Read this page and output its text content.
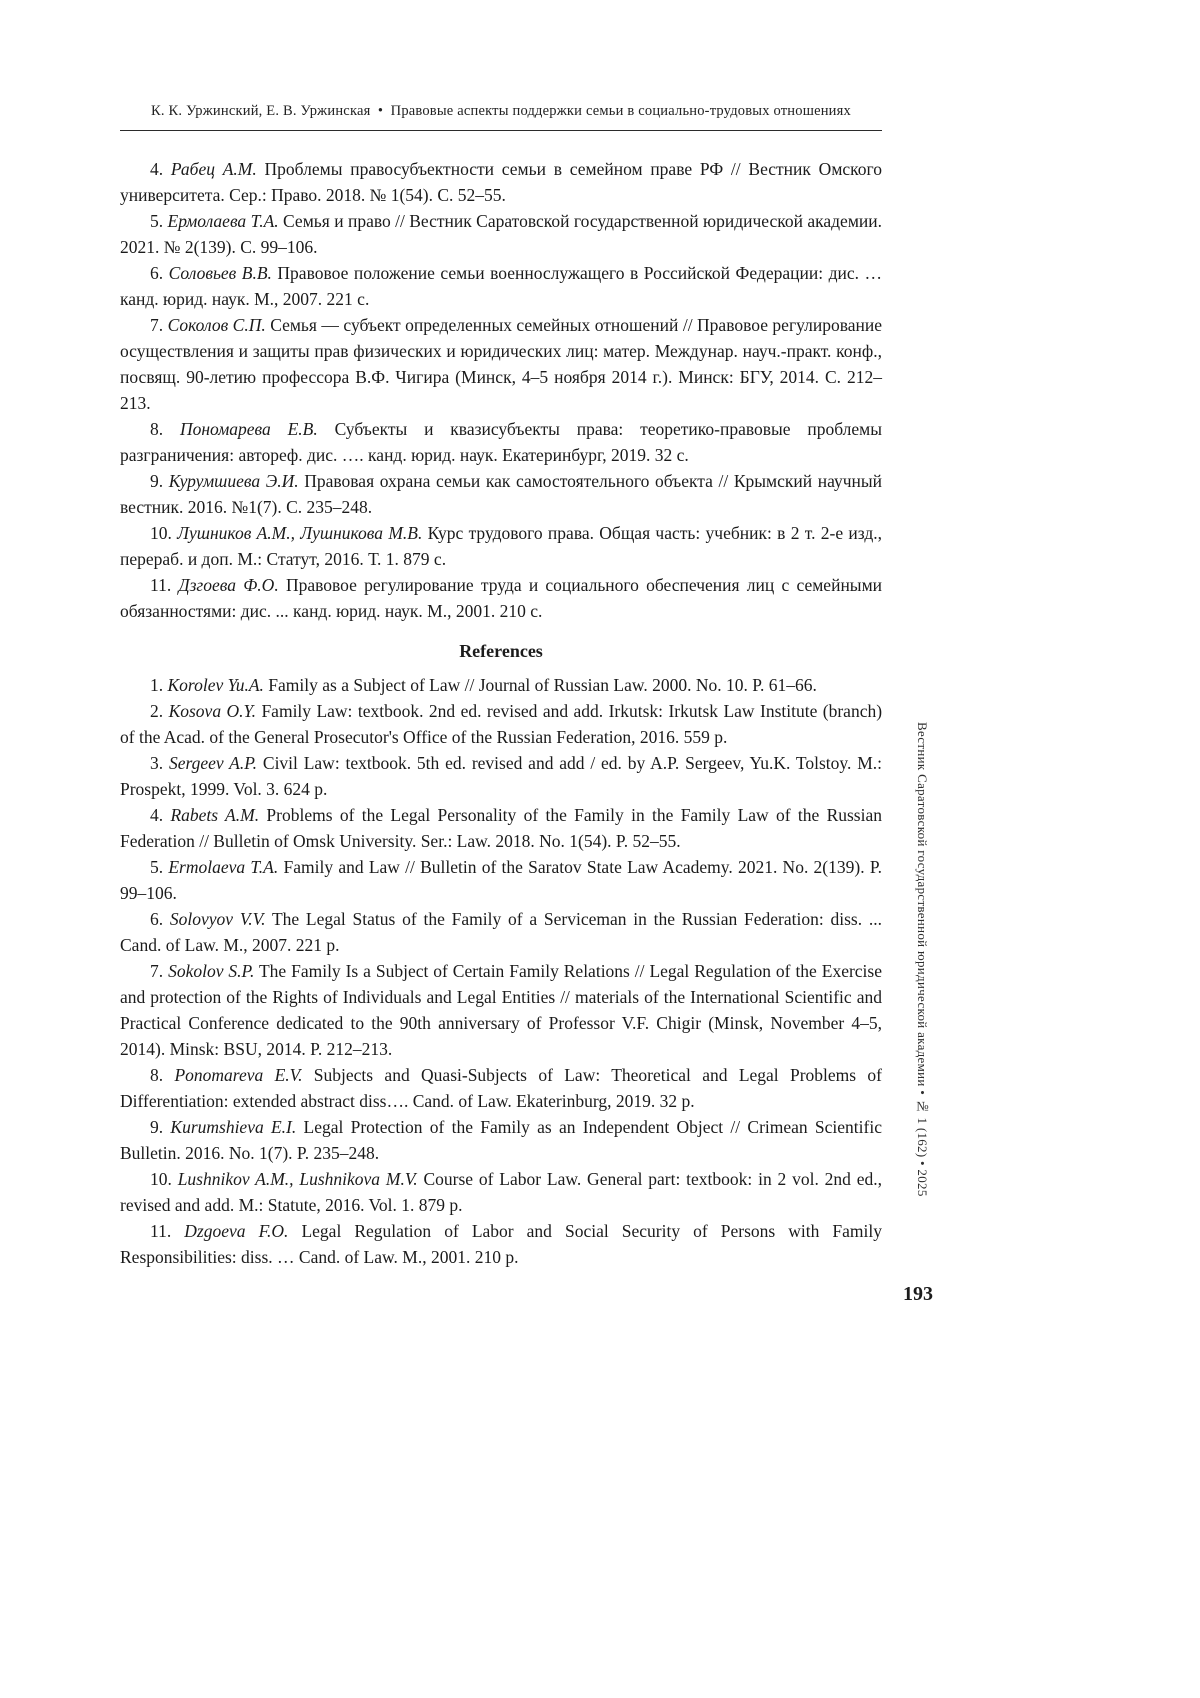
К. К. Уржинский, Е. В. Уржинская • Правовые аспекты поддержки семьи в социально-трудовых отношениях

4. Рабец А.М. Проблемы правосубъектности семьи в семейном праве РФ // Вестник Омского университета. Сер.: Право. 2018. № 1(54). С. 52–55.

5. Ермолаева Т.А. Семья и право // Вестник Саратовской государственной юридической академии. 2021. № 2(139). С. 99–106.

6. Соловьев В.В. Правовое положение семьи военнослужащего в Российской Федерации: дис. … канд. юрид. наук. М., 2007. 221 с.

7. Соколов С.П. Семья — субъект определенных семейных отношений // Правовое регулирование осуществления и защиты прав физических и юридических лиц: матер. Междунар. науч.-практ. конф., посвящ. 90-летию профессора В.Ф. Чигира (Минск, 4–5 ноября 2014 г.). Минск: БГУ, 2014. С. 212–213.

8. Пономарева Е.В. Субъекты и квазисубъекты права: теоретико-правовые проблемы разграничения: автореф. дис. …. канд. юрид. наук. Екатеринбург, 2019. 32 с.

9. Курумшиева Э.И. Правовая охрана семьи как самостоятельного объекта // Крымский научный вестник. 2016. №1(7). С. 235–248.

10. Лушников А.М., Лушникова М.В. Курс трудового права. Общая часть: учебник: в 2 т. 2-е изд., перераб. и доп. М.: Статут, 2016. Т. 1. 879 с.

11. Дзгоева Ф.О. Правовое регулирование труда и социального обеспечения лиц с семейными обязанностями: дис. ... канд. юрид. наук. М., 2001. 210 с.

References

1. Korolev Yu.A. Family as a Subject of Law // Journal of Russian Law. 2000. No. 10. P. 61–66.

2. Kosova O.Y. Family Law: textbook. 2nd ed. revised and add. Irkutsk: Irkutsk Law Institute (branch) of the Acad. of the General Prosecutor's Office of the Russian Federation, 2016. 559 p.

3. Sergeev A.P. Civil Law: textbook. 5th ed. revised and add / ed. by A.P. Sergeev, Yu.K. Tolstoy. M.: Prospekt, 1999. Vol. 3. 624 p.

4. Rabets A.M. Problems of the Legal Personality of the Family in the Family Law of the Russian Federation // Bulletin of Omsk University. Ser.: Law. 2018. No. 1(54). P. 52–55.

5. Ermolaeva T.A. Family and Law // Bulletin of the Saratov State Law Academy. 2021. No. 2(139). P. 99–106.

6. Solovyov V.V. The Legal Status of the Family of a Serviceman in the Russian Federation: diss. ... Cand. of Law. M., 2007. 221 p.

7. Sokolov S.P. The Family Is a Subject of Certain Family Relations // Legal Regulation of the Exercise and protection of the Rights of Individuals and Legal Entities // materials of the International Scientific and Practical Conference dedicated to the 90th anniversary of Professor V.F. Chigir (Minsk, November 4–5, 2014). Minsk: BSU, 2014. P. 212–213.

8. Ponomareva E.V. Subjects and Quasi-Subjects of Law: Theoretical and Legal Problems of Differentiation: extended abstract diss…. Cand. of Law. Ekaterinburg, 2019. 32 p.

9. Kurumshieva E.I. Legal Protection of the Family as an Independent Object // Crimean Scientific Bulletin. 2016. No. 1(7). P. 235–248.

10. Lushnikov A.M., Lushnikova M.V. Course of Labor Law. General part: textbook: in 2 vol. 2nd ed., revised and add. M.: Statute, 2016. Vol. 1. 879 p.

11. Dzgoeva F.O. Legal Regulation of Labor and Social Security of Persons with Family Responsibilities: diss. … Cand. of Law. M., 2001. 210 p.

Вестник Саратовской государственной юридической академии • № 1 (162) • 2025
193
